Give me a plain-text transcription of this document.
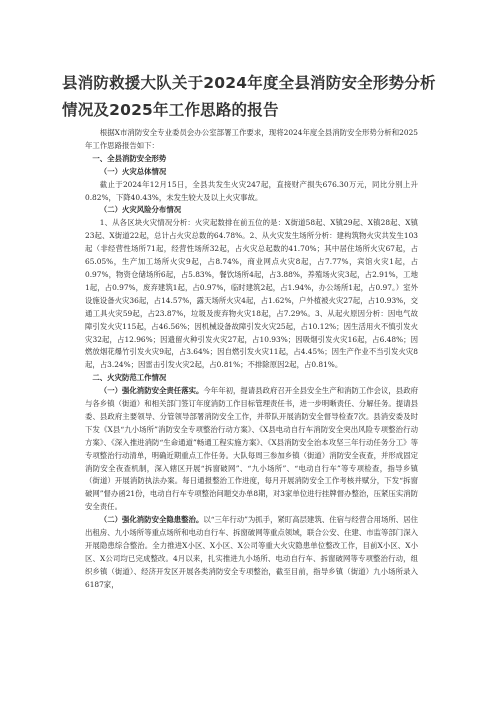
县消防救援大队关于2024年度全县消防安全形势分析情况及2025年工作思路的报告

根据X市消防安全专业委员会办公室部署工作要求，现将2024年度全县消防安全形势分析和2025年工作思路报告如下：

一、全县消防安全形势

（一）火灾总体情况

截止于2024年12月15日，全县共发生火灾247起，直接财产损失676.30万元，同比分别上升0.82%，下降40.43%，未发生较大及以上火灾事故。

（二）火灾风险分布情况

1、从各区块火灾情况分析：火灾起数排在前五位的是：X街道58起、X镇29起、X镇28起、X镇23起、X街道22起，总计占火灾总数的64.78%。2、从火灾发生场所分析：建构筑物火灾共发生103起（非经营性场所71起，经营性场所32起，占火灾总起数的41.70%；其中居住场所火灾67起，占65.05%，生产加工场所火灾9起，占8.74%，商业网点火灾8起，占7.77%，宾馆火灾1起，占0.97%，物资仓储场所6起，占5.83%，餐饮场所4起，占3.88%，养殖场火灾3起，占2.91%，工地1起，占0.97%，废弃建筑1起，占0.97%，临时建筑2起，占1.94%，办公场所1起，占0.97。）室外设施设备火灾36起，占14.57%，露天场所火灾4起，占1.62%，户外植被火灾27起，占10.93%，交通工具火灾59起，占23.87%，垃圾及废弃物火灾18起，占7.29%。3、从起火原因分析：因电气故障引发火灾115起，占46.56%；因机械设备故障引发火灾25起，占10.12%；因生活用火不慎引发火灾32起，占12.96%；因遗留火种引发火灾27起，占10.93%；因吸烟引发火灾16起，占6.48%；因燃放烟花爆竹引发火灾9起，占3.64%；因自燃引发火灾11起，占4.45%；因生产作业不当引发火灾8起，占3.24%；因雷击引发火灾2起，占0.81%；不排除原因2起，占0.81%。

二、火灾防范工作情况

（一）强化消防安全责任落实。今年年初，提请县政府召开全县安全生产和消防工作会议，县政府与各乡镇（街道）和相关部门签订年度消防工作目标管理责任书，进一步明晰责任、分解任务。提请县委、县政府主要领导、分管领导部署消防安全工作，并带队开展消防安全督导检查7次。县消安委及时下发《X县“九小场所”消防安全专项整治行动方案》、《X县电动自行车消防安全突出风险专项整治行动方案》、《深入推进消防“生命通道”畅通工程实施方案》、《X县消防安全治本攻坚三年行动任务分工》等专项整治行动清单，明确近期重点工作任务。大队每周三参加乡镇（街道）消防安全夜查，并形成固定消防安全夜查机制，深入辖区开展“拆窗破网”、“九小场所”、“电动自行车”等专项检查，指导乡镇（街道）开展消防执法办案。每日通报整治工作进度，每月开展消防安全工作考核并赋分，下发“拆窗破网”督办函21份，电动自行车专项整治问题交办单8期，对3家单位进行挂牌督办整治，压紧压实消防安全责任。

（二）强化消防安全隐患整治。以“三年行动”为抓手，紧盯高层建筑、住宿与经营合用场所、居住出租房、九小场所等重点场所和电动自行车、拆窗破网等重点领域，联合公安、住建、市监等部门深入开展隐患综合整治。全力推进X小区、X小区、X公司等重大火灾隐患单位整改工作，目前X小区、X小区、X公司均已完成整改。4月以来，扎实推进九小场所、电动自行车、拆窗破网等专项整治行动，组织乡镇（街道）、经济开发区开展各类消防安全专项整治，截至目前，指导乡镇（街道）九小场所录入6187家，
